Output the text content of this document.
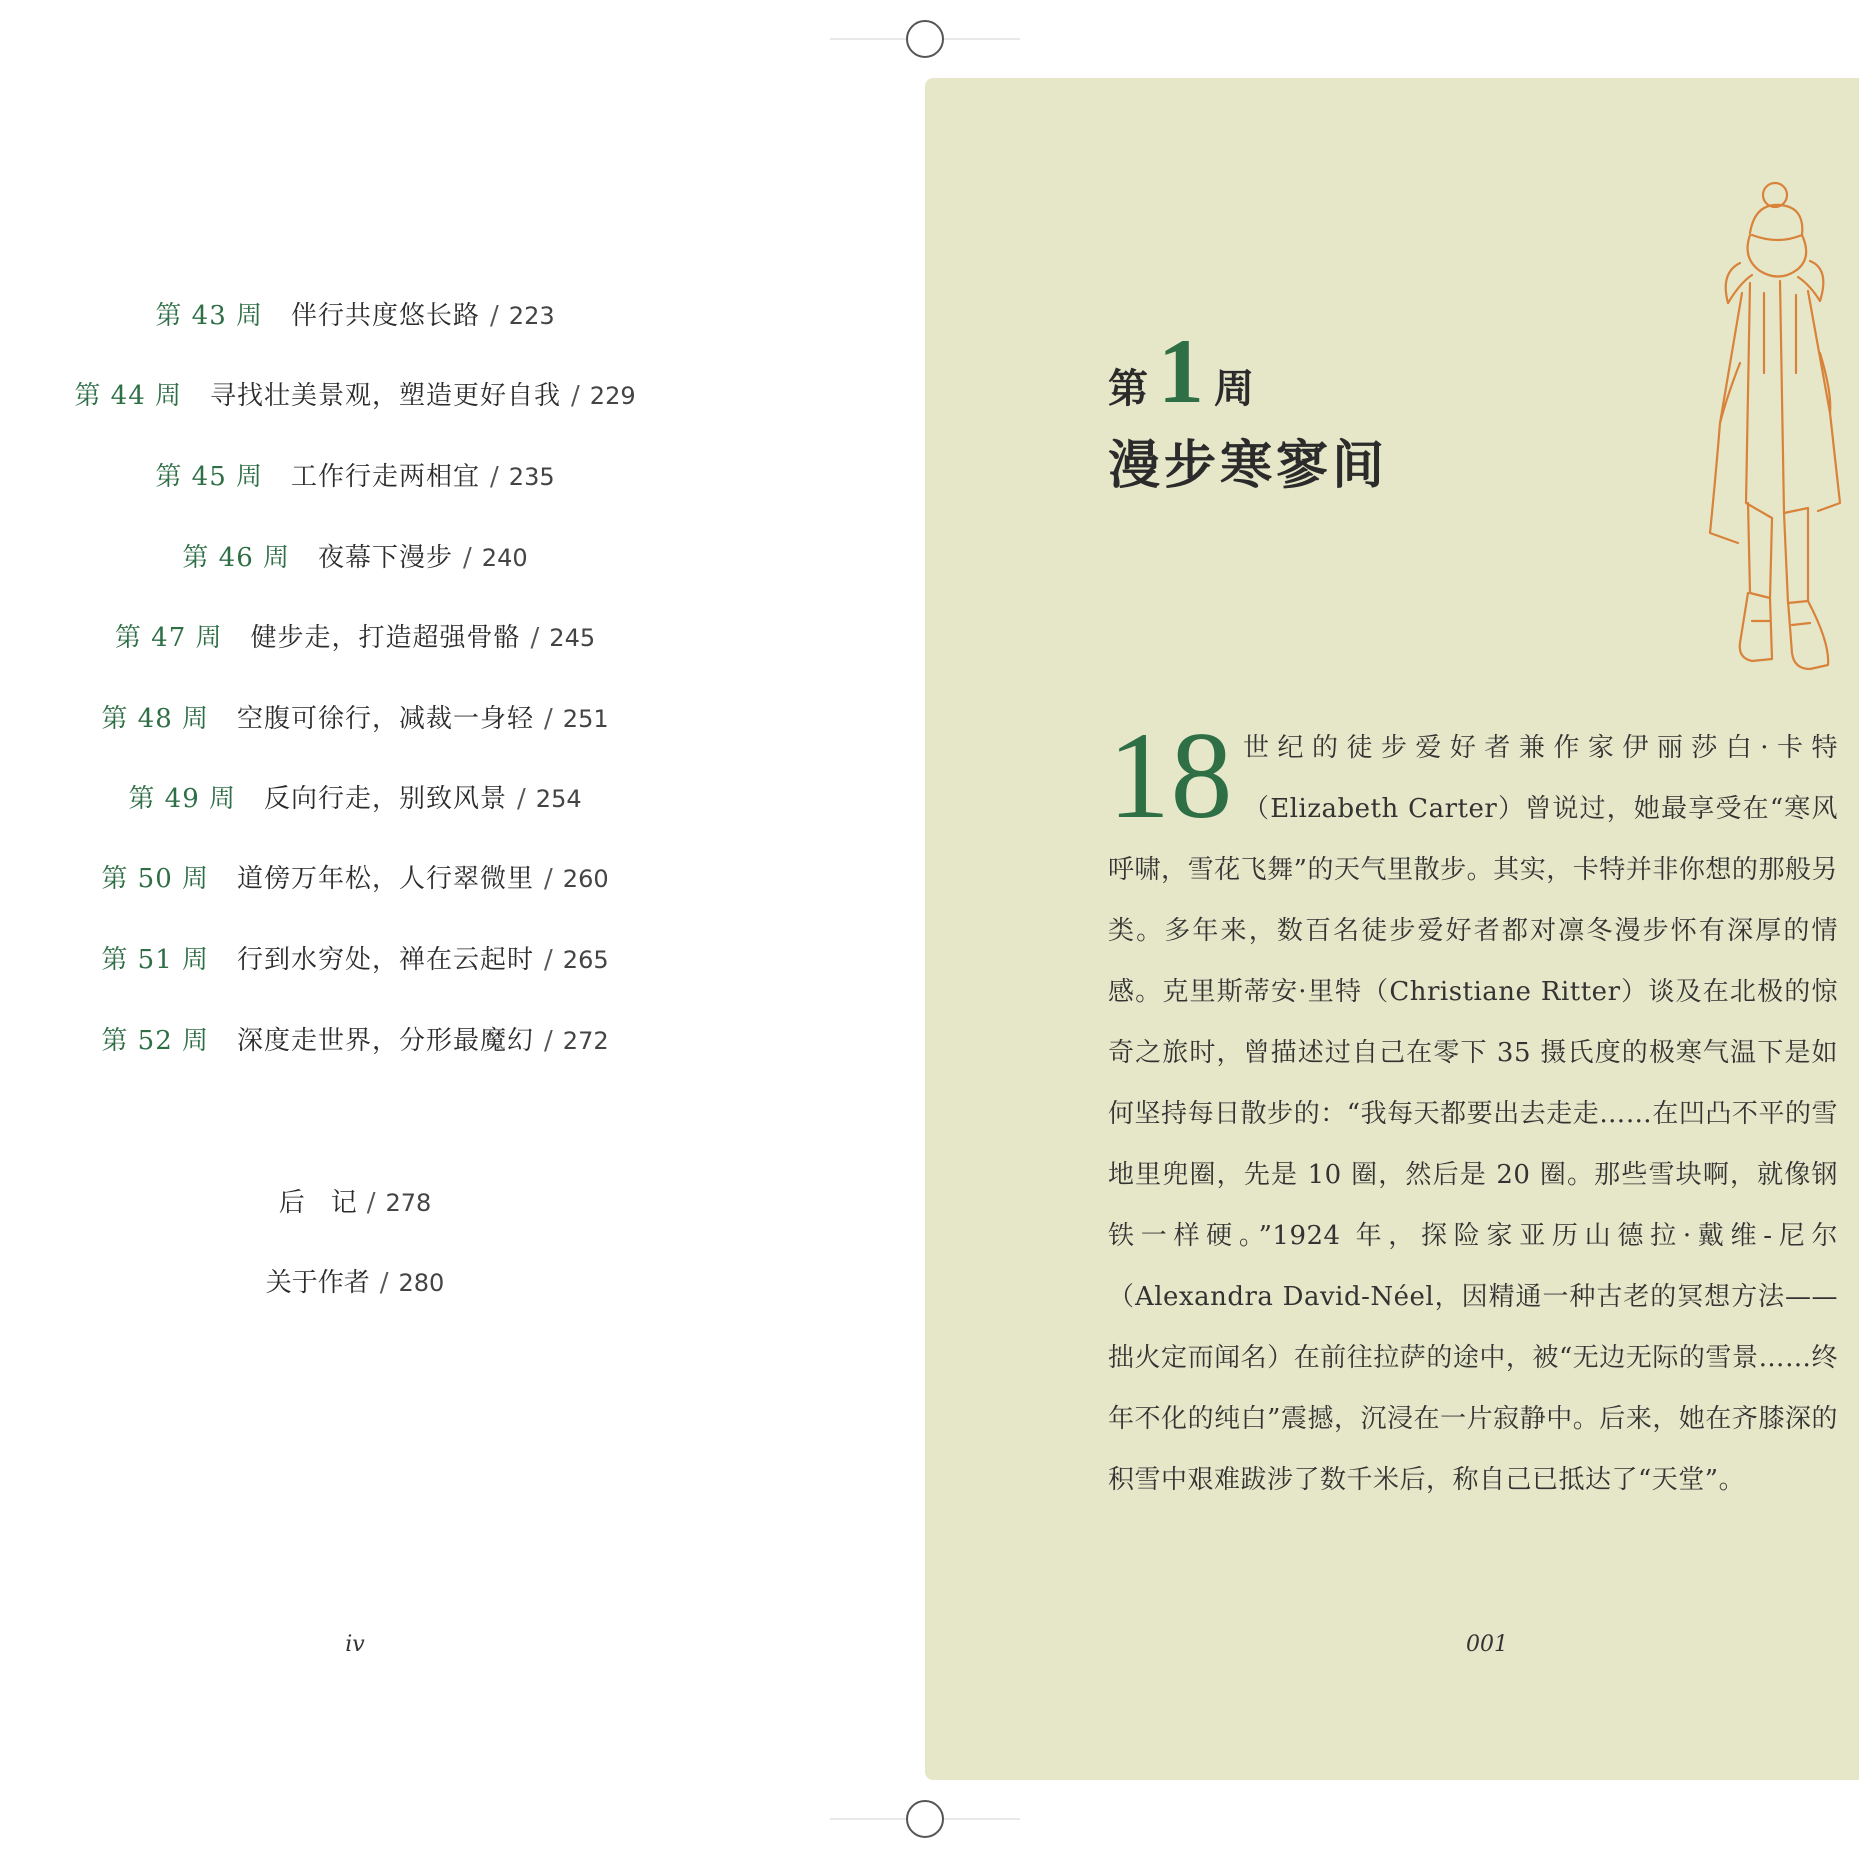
第 43 周 伴行共度悠长路 / 223
第 44 周 寻找壮美景观，塑造更好自我 / 229
第 45 周 工作行走两相宜 / 235
第 46 周 夜幕下漫步 / 240
第 47 周 健步走，打造超强骨骼 / 245
第 48 周 空腹可徐行，减裁一身轻 / 251
第 49 周 反向行走，别致风景 / 254
第 50 周 道傍万年松，人行翠微里 / 260
第 51 周 行到水穷处，禅在云起时 / 265
第 52 周 深度走世界，分形最魔幻 / 272
后　记 / 278
关于作者 / 280
iv
第 1 周
漫步寒寥间
18 世纪的徒步爱好者兼作家伊丽莎白·卡特（Elizabeth Carter）曾说过，她最享受在“寒风呼啸，雪花飞舞”的天气里散步。其实，卡特并非你想的那般另类。多年来，数百名徒步爱好者都对凛冬漫步怀有深厚的情感。克里斯蒂安·里特（Christiane Ritter）谈及在北极的惊奇之旅时，曾描述过自己在零下 35 摄氏度的极寒气温下是如何坚持每日散步的：“我每天都要出去走走……在凹凸不平的雪地里兜圈，先是 10 圈，然后是 20 圈。那些雪块啊，就像钢铁一样硬。”1924 年，探险家亚历山德拉·戴维-尼尔（Alexandra David-Néel，因精通一种古老的冥想方法——拙火定而闻名）在前往拉萨的途中，被“无边无际的雪景……终年不化的纯白”震撼，沉浸在一片寂静中。后来，她在齐膝深的积雪中艰难跋涉了数千米后，称自己已抵达了“天堂”。
001
